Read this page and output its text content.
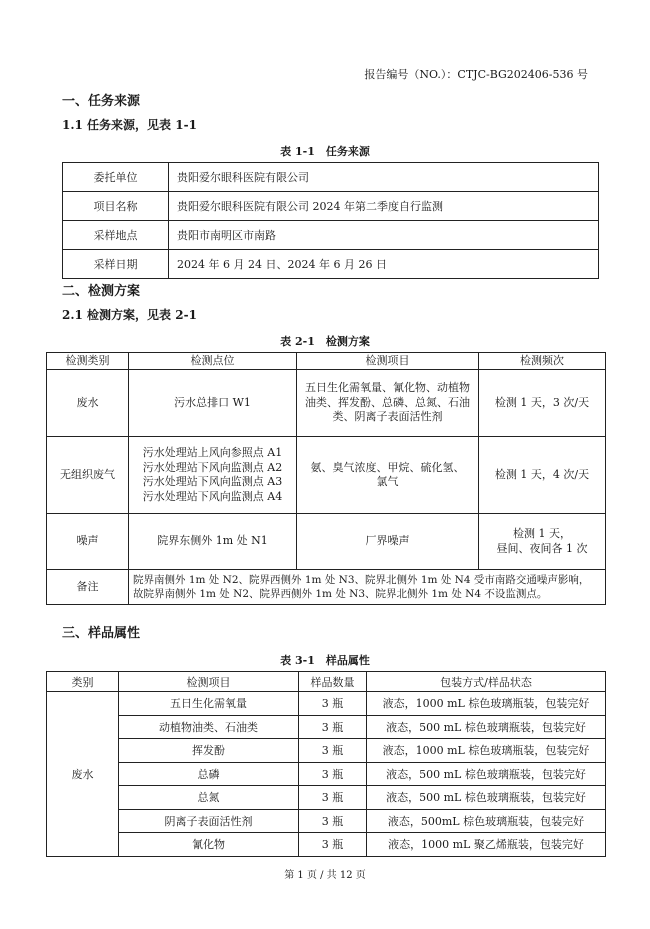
报告编号（NO.）：CTJC-BG202406-536 号
一、任务来源
1.1 任务来源，见表 1-1
表 1-1　任务来源
委托单位	贵阳爱尔眼科医院有限公司
项目名称	贵阳爱尔眼科医院有限公司 2024 年第二季度自行监测
采样地点	贵阳市南明区市南路
采样日期	2024 年 6 月 24 日、2024 年 6 月 26 日
二、检测方案
2.1 检测方案，见表 2-1
表 2-1　检测方案
检测类别	检测点位	检测项目	检测频次
废水	污水总排口 W1	五日生化需氧量、氰化物、动植物
油类、挥发酚、总磷、总氮、石油
类、阴离子表面活性剂	检测 1 天，3 次/天
无组织废气	污水处理站上风向参照点 A1
污水处理站下风向监测点 A2
污水处理站下风向监测点 A3
污水处理站下风向监测点 A4	氨、臭气浓度、甲烷、硫化氢、
氯气	检测 1 天，4 次/天
噪声	院界东侧外 1m 处 N1	厂界噪声	检测 1 天，
昼间、夜间各 1 次
备注	院界南侧外 1m 处 N2、院界西侧外 1m 处 N3、院界北侧外 1m 处 N4 受市南路交通噪声影响，
故院界南侧外 1m 处 N2、院界西侧外 1m 处 N3、院界北侧外 1m 处 N4 不设监测点。		
三、样品属性
表 3-1　样品属性
类别	检测项目	样品数量	包装方式/样品状态
废水	五日生化需氧量	3 瓶	液态，1000 mL 棕色玻璃瓶装，包装完好
	动植物油类、石油类	3 瓶	液态，500 mL 棕色玻璃瓶装，包装完好
	挥发酚	3 瓶	液态，1000 mL 棕色玻璃瓶装，包装完好
	总磷	3 瓶	液态，500 mL 棕色玻璃瓶装，包装完好
	总氮	3 瓶	液态，500 mL 棕色玻璃瓶装，包装完好
	阴离子表面活性剂	3 瓶	液态，500mL 棕色玻璃瓶装，包装完好
	氰化物	3 瓶	液态，1000 mL 聚乙烯瓶装，包装完好
第 1 页 / 共 12 页
